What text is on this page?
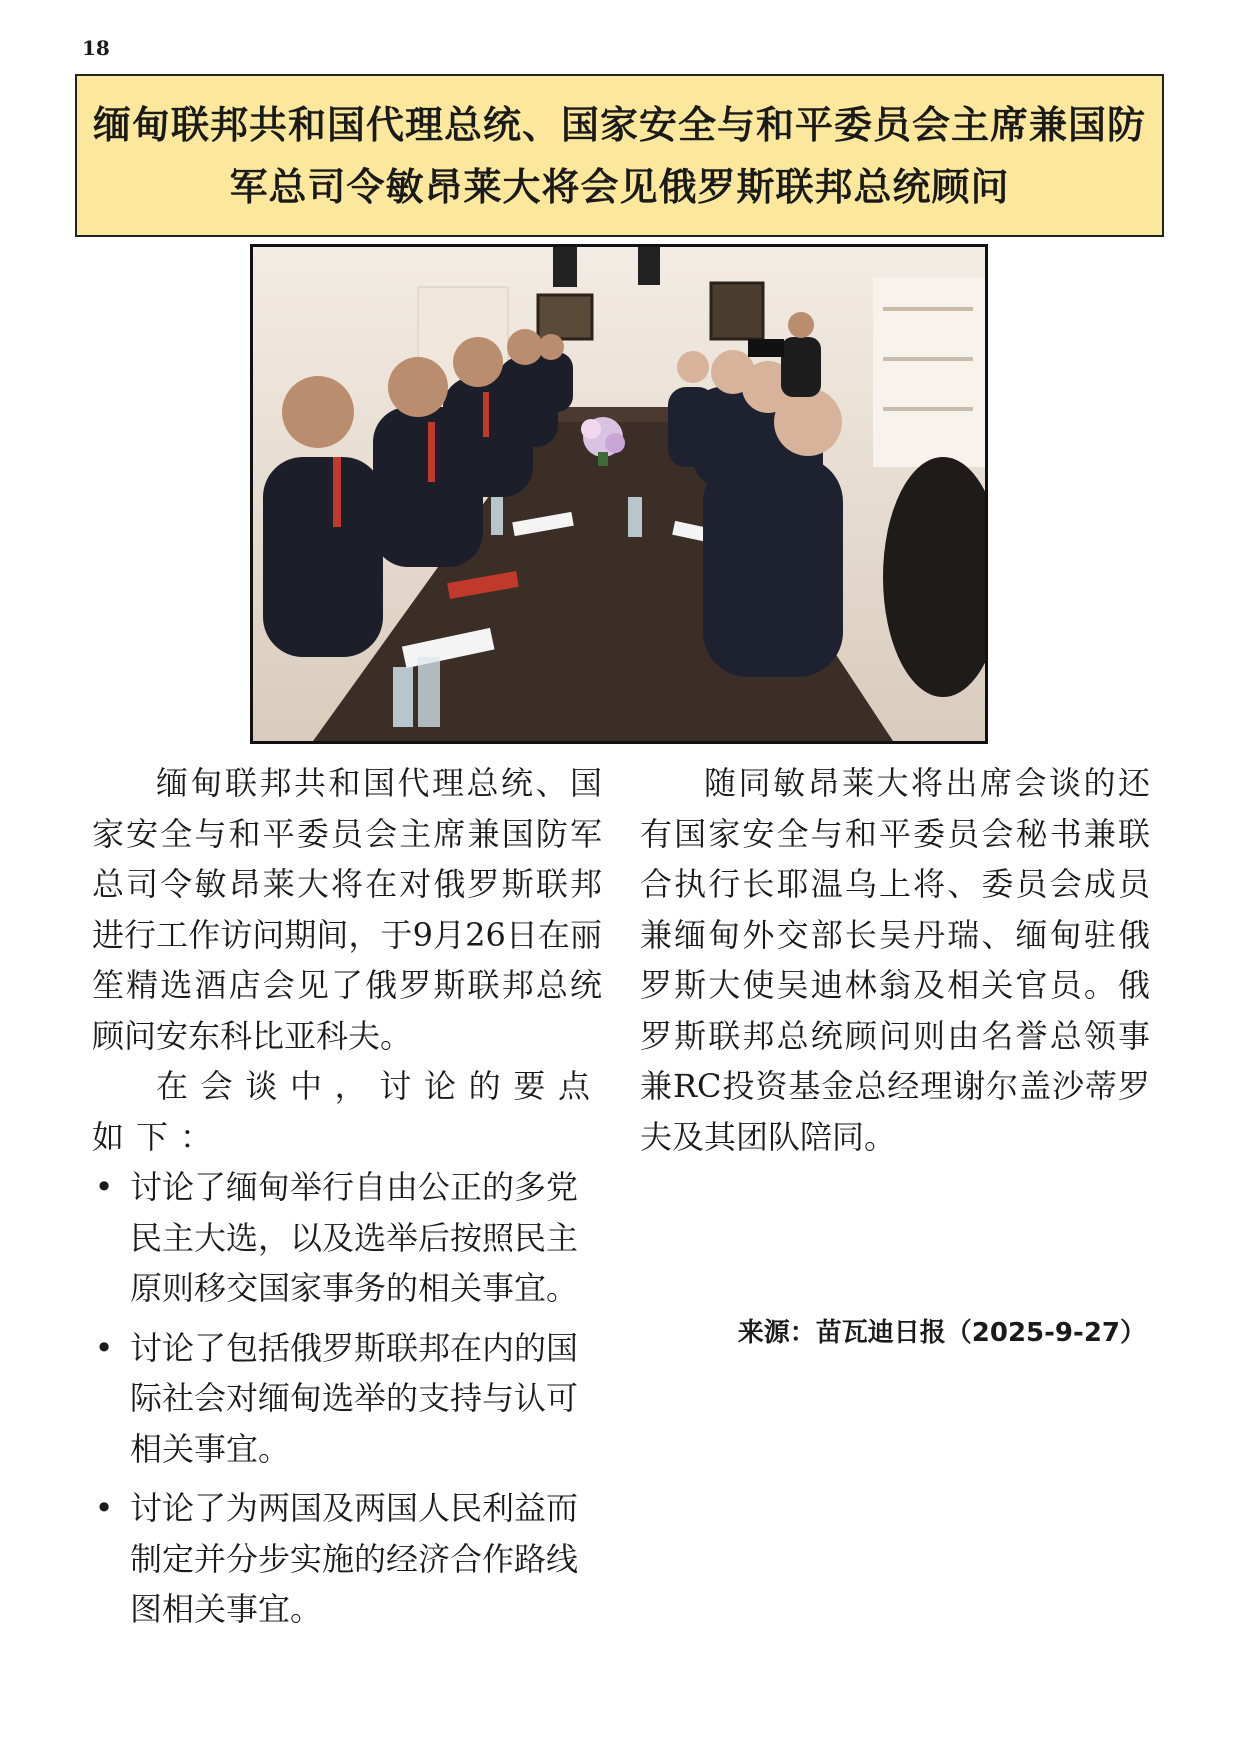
18
缅甸联邦共和国代理总统、国家安全与和平委员会主席兼国防军总司令敏昂莱大将会见俄罗斯联邦总统顾问

缅甸联邦共和国代理总统、国家安全与和平委员会主席兼国防军总司令敏昂莱大将在对俄罗斯联邦进行工作访问期间，于9月26日在丽笙精选酒店会见了俄罗斯联邦总统顾问安东科比亚科夫。

在会谈中，讨论的要点如下：

• 讨论了缅甸举行自由公正的多党民主大选，以及选举后按照民主原则移交国家事务的相关事宜。
• 讨论了包括俄罗斯联邦在内的国际社会对缅甸选举的支持与认可相关事宜。
• 讨论了为两国及两国人民利益而制定并分步实施的经济合作路线图相关事宜。

随同敏昂莱大将出席会谈的还有国家安全与和平委员会秘书兼联合执行长耶温乌上将、委员会成员兼缅甸外交部长吴丹瑞、缅甸驻俄罗斯大使吴迪林翁及相关官员。俄罗斯联邦总统顾问则由名誉总领事兼RC投资基金总经理谢尔盖沙蒂罗夫及其团队陪同。

来源：苗瓦迪日报（2025-9-27）
